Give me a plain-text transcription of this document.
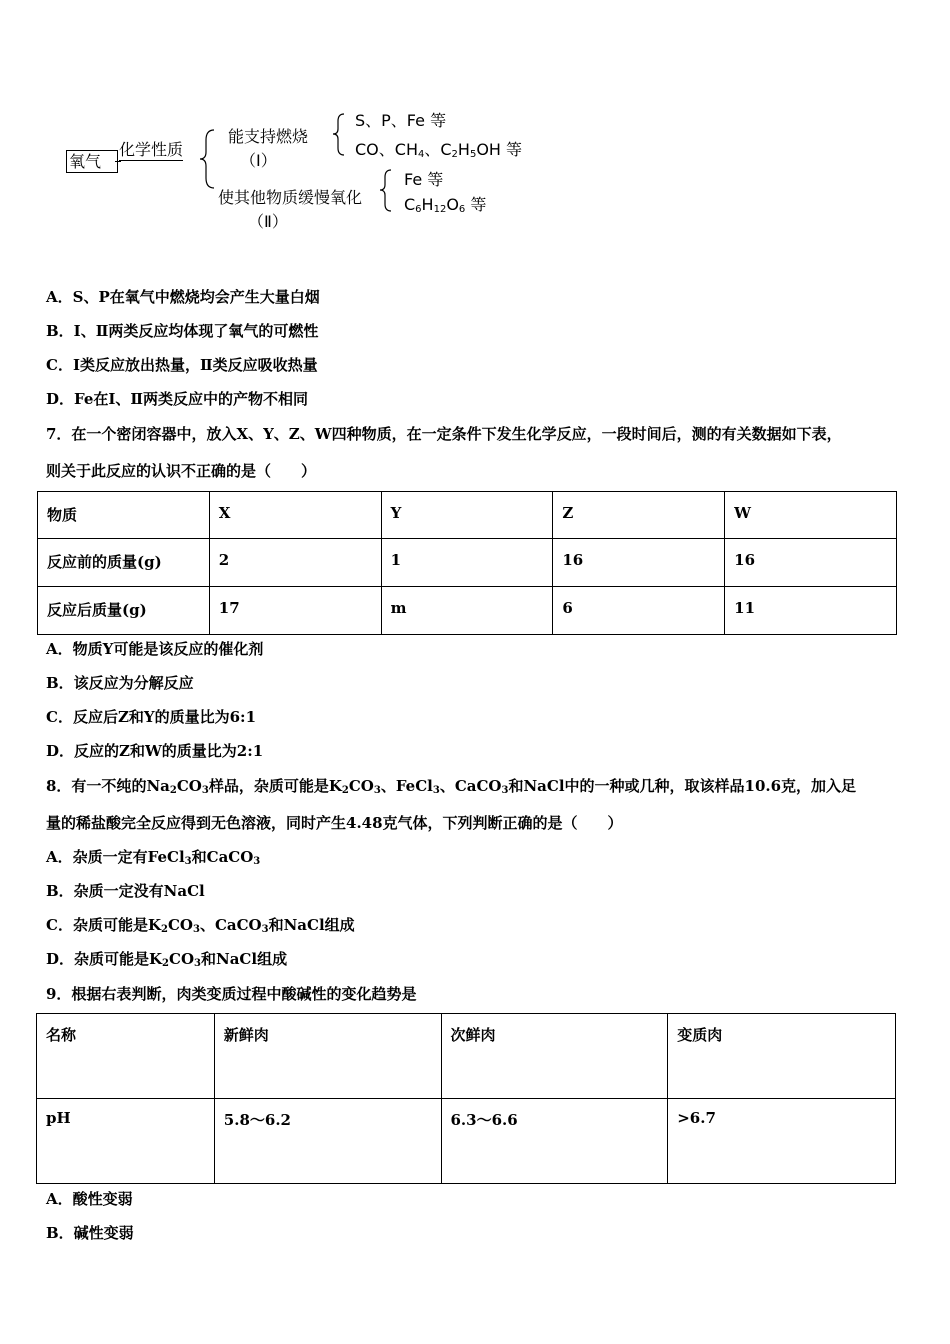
氧气
化学性质
能支持燃烧
（Ⅰ）
S、P、Fe 等
CO、$CH_4$、$C_2H_5OH$ 等
使其他物质缓慢氧化
（Ⅱ）
Fe 等
$C_6H_{12}O_6$ 等
A．S、P在氧气中燃烧均会产生大量白烟
B．Ⅰ、Ⅱ两类反应均体现了氧气的可燃性
C．Ⅰ类反应放出热量，Ⅱ类反应吸收热量
D．Fe在Ⅰ、Ⅱ两类反应中的产物不相同
7．在一个密闭容器中，放入X、Y、Z、W四种物质，在一定条件下发生化学反应，一段时间后，测的有关数据如下表，
则关于此反应的认识不正确的是（　　）
物质	X	Y	Z	W
反应前的质量(g)	2	1	16	16
反应后质量(g)	17	m	6	11
A．物质Y可能是该反应的催化剂
B．该反应为分解反应
C．反应后Z和Y的质量比为6:1
D．反应的Z和W的质量比为2:1
8．有一不纯的$Na_2CO_3$样品，杂质可能是$K_2CO_3$、FeCl$_3$、CaCO$_3$和NaCl中的一种或几种，取该样品10.6克，加入足
量的稀盐酸完全反应得到无色溶液，同时产生4.48克气体，下列判断正确的是（　　）
A．杂质一定有FeCl$_3$和CaCO$_3$
B．杂质一定没有NaCl
C．杂质可能是$K_2CO_3$、CaCO$_3$和NaCl组成
D．杂质可能是$K_2CO_3$和NaCl组成
9．根据右表判断，肉类变质过程中酸碱性的变化趋势是
名称	新鲜肉	次鲜肉	变质肉
pH	5.8～6.2	6.3～6.6	>6.7
A．酸性变弱
B．碱性变弱
